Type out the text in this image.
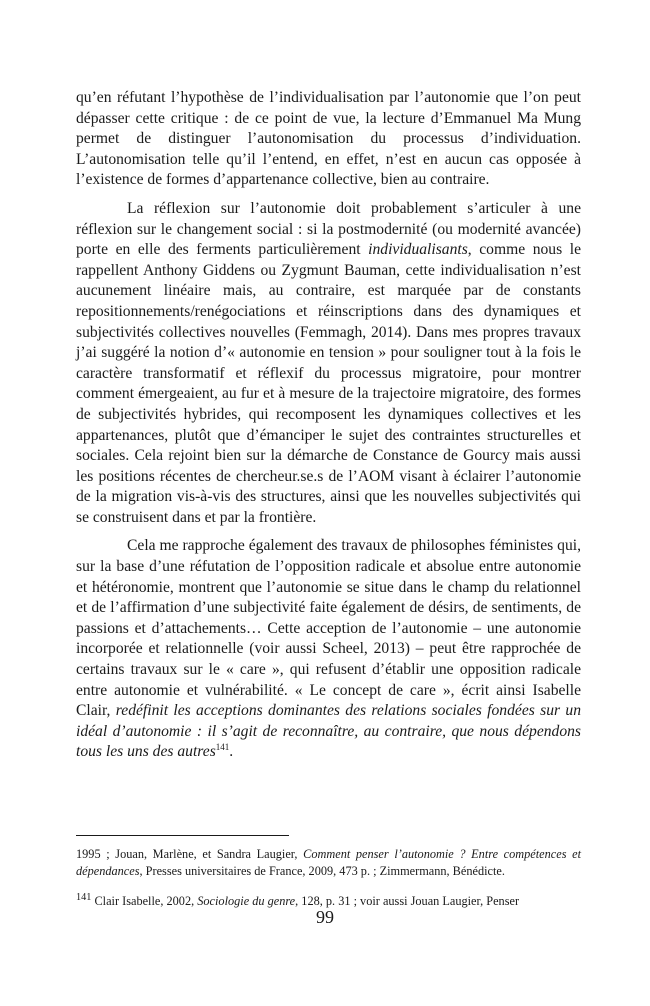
qu’en réfutant l’hypothèse de l’individualisation par l’autonomie que l’on peut dépasser cette critique : de ce point de vue, la lecture d’Emmanuel Ma Mung permet de distinguer l’autonomisation du processus d’individuation. L’autonomisation telle qu’il l’entend, en effet, n’est en aucun cas opposée à l’existence de formes d’appartenance collective, bien au contraire.

La réflexion sur l’autonomie doit probablement s’articuler à une réflexion sur le changement social : si la postmodernité (ou modernité avancée) porte en elle des ferments particulièrement individualisants, comme nous le rappellent Anthony Giddens ou Zygmunt Bauman, cette individualisation n’est aucunement linéaire mais, au contraire, est marquée par de constants repositionnements/renégociations et réinscriptions dans des dynamiques et subjectivités collectives nouvelles (Femmagh, 2014). Dans mes propres travaux j’ai suggéré la notion d’« autonomie en tension » pour souligner tout à la fois le caractère transformatif et réflexif du processus migratoire, pour montrer comment émergeaient, au fur et à mesure de la trajectoire migratoire, des formes de subjectivités hybrides, qui recomposent les dynamiques collectives et les appartenances, plutôt que d’émanciper le sujet des contraintes structurelles et sociales. Cela rejoint bien sur la démarche de Constance de Gourcy mais aussi les positions récentes de chercheur.se.s de l’AOM visant à éclairer l’autonomie de la migration vis-à-vis des structures, ainsi que les nouvelles subjectivités qui se construisent dans et par la frontière.

Cela me rapproche également des travaux de philosophes féministes qui, sur la base d’une réfutation de l’opposition radicale et absolue entre autonomie et hétéronomie, montrent que l’autonomie se situe dans le champ du relationnel et de l’affirmation d’une subjectivité faite également de désirs, de sentiments, de passions et d’attachements… Cette acception de l’autonomie – une autonomie incorporée et relationnelle (voir aussi Scheel, 2013) – peut être rapprochée de certains travaux sur le « care », qui refusent d’établir une opposition radicale entre autonomie et vulnérabilité. « Le concept de care », écrit ainsi Isabelle Clair, redéfinit les acceptions dominantes des relations sociales fondées sur un idéal d’autonomie : il s’agit de reconnaître, au contraire, que nous dépendons tous les uns des autres$^{141}$.

1995 ; Jouan, Marlène, et Sandra Laugier, Comment penser l’autonomie ? Entre compétences et dépendances, Presses universitaires de France, 2009, 473 p. ; Zimmermann, Bénédicte.

$^{141}$ Clair Isabelle, 2002, Sociologie du genre, 128, p. 31 ; voir aussi Jouan Laugier, Penser

99
